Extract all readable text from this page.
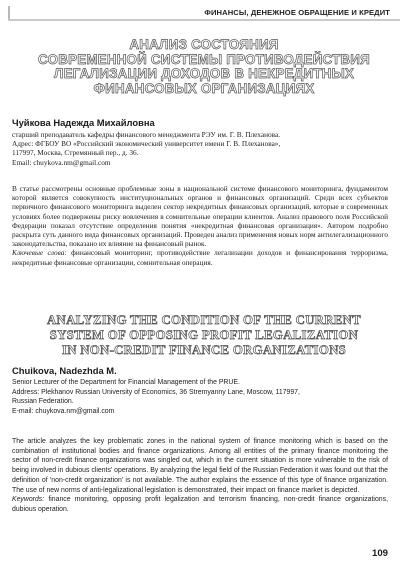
ФИНАНСЫ, ДЕНЕЖНОЕ ОБРАЩЕНИЕ И КРЕДИТ
АНАЛИЗ СОСТОЯНИЯ
СОВРЕМЕННОЙ СИСТЕМЫ ПРОТИВОДЕЙСТВИЯ
ЛЕГАЛИЗАЦИИ ДОХОДОВ В НЕКРЕДИТНЫХ
ФИНАНСОВЫХ ОРГАНИЗАЦИЯХ
Чуйкова Надежда Михайловна

старший преподаватель кафедры финансового менеджмента РЭУ им. Г. В. Плеханова.

Адрес: ФГБОУ ВО «Российский экономический университет имени Г. В. Плеханова»,

117997, Москва, Стремянный пер., д. 36.

Email: chuykova.nm@gmail.com

В статье рассмотрены основные проблемные зоны в национальной системе финансового мониторинга, фундаментом которой является совокупность институциональных органов и финансовых организаций. Среди всех субъектов первичного финансового мониторинга выделен сектор некредитных финансовых организаций, которые в современных условиях более подвержены риску вовлечения в сомнительные операции клиентов. Анализ правового поля Российской Федерации показал отсутствие определения понятия «некредитная финансовая организация». Автором подробно раскрыта суть данного вида финансовых организаций. Проведен анализ применения новых норм антилегализационного законодательства, показано их влияние на финансовый рынок.

Ключевые слова: финансовый мониторинг, противодействие легализации доходов и финансирования терроризма, некредитные финансовые организации, сомнительная операция.

ANALYZING THE CONDITION OF THE CURRENT
SYSTEM OF OPPOSING PROFIT LEGALIZATION
IN NON-CREDIT FINANCE ORGANIZATIONS
Chuikova, Nadezhda M.

Senior Lecturer of the Department for Financial Management of the PRUE.

Address: Plekhanov Russian University of Economics, 36 Stremyanny Lane, Moscow, 117997,

Russian Federation.

E-mail: chuykova.nm@gmail.com

The article analyzes the key problematic zones in the national system of finance monitoring which is based on the combination of institutional bodies and finance organizations. Among all entities of the primary finance monitoring the sector of non-credit finance organizations was singled out, which in the current situation is more vulnerable to the risk of being involved in dubious clients' operations. By analyzing the legal field of the Russian Federation it was found out that the definition of 'non-credit organization' is not available. The author explains the essence of this type of finance organization. The use of new norms of anti-legalizational legislation is demonstrated, their impact on finance market is depicted.

Keywords: finance monitoring, opposing profit legalization and terrorism financing, non-credit finance organizations, dubious operation.

109
